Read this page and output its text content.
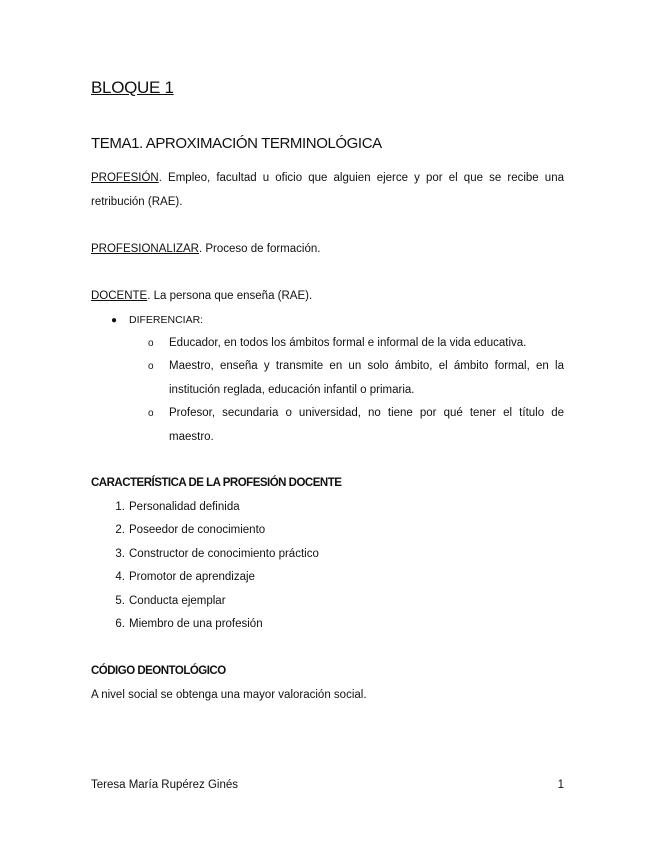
BLOQUE 1
TEMA1. APROXIMACIÓN TERMINOLÓGICA
PROFESIÓN. Empleo, facultad u oficio que alguien ejerce y por el que se recibe una retribución (RAE).
PROFESIONALIZAR. Proceso de formación.
DOCENTE. La persona que enseña (RAE).
● DIFERENCIAR:
o Educador, en todos los ámbitos formal e informal de la vida educativa.
o Maestro, enseña y transmite en un solo ámbito, el ámbito formal, en la institución reglada, educación infantil o primaria.
o Profesor, secundaria o universidad, no tiene por qué tener el título de maestro.
CARACTERÍSTICA DE LA PROFESIÓN DOCENTE
1. Personalidad definida
2. Poseedor de conocimiento
3. Constructor de conocimiento práctico
4. Promotor de aprendizaje
5. Conducta ejemplar
6. Miembro de una profesión
CÓDIGO DEONTOLÓGICO
A nivel social se obtenga una mayor valoración social.
Teresa María Rupérez Ginés	1
